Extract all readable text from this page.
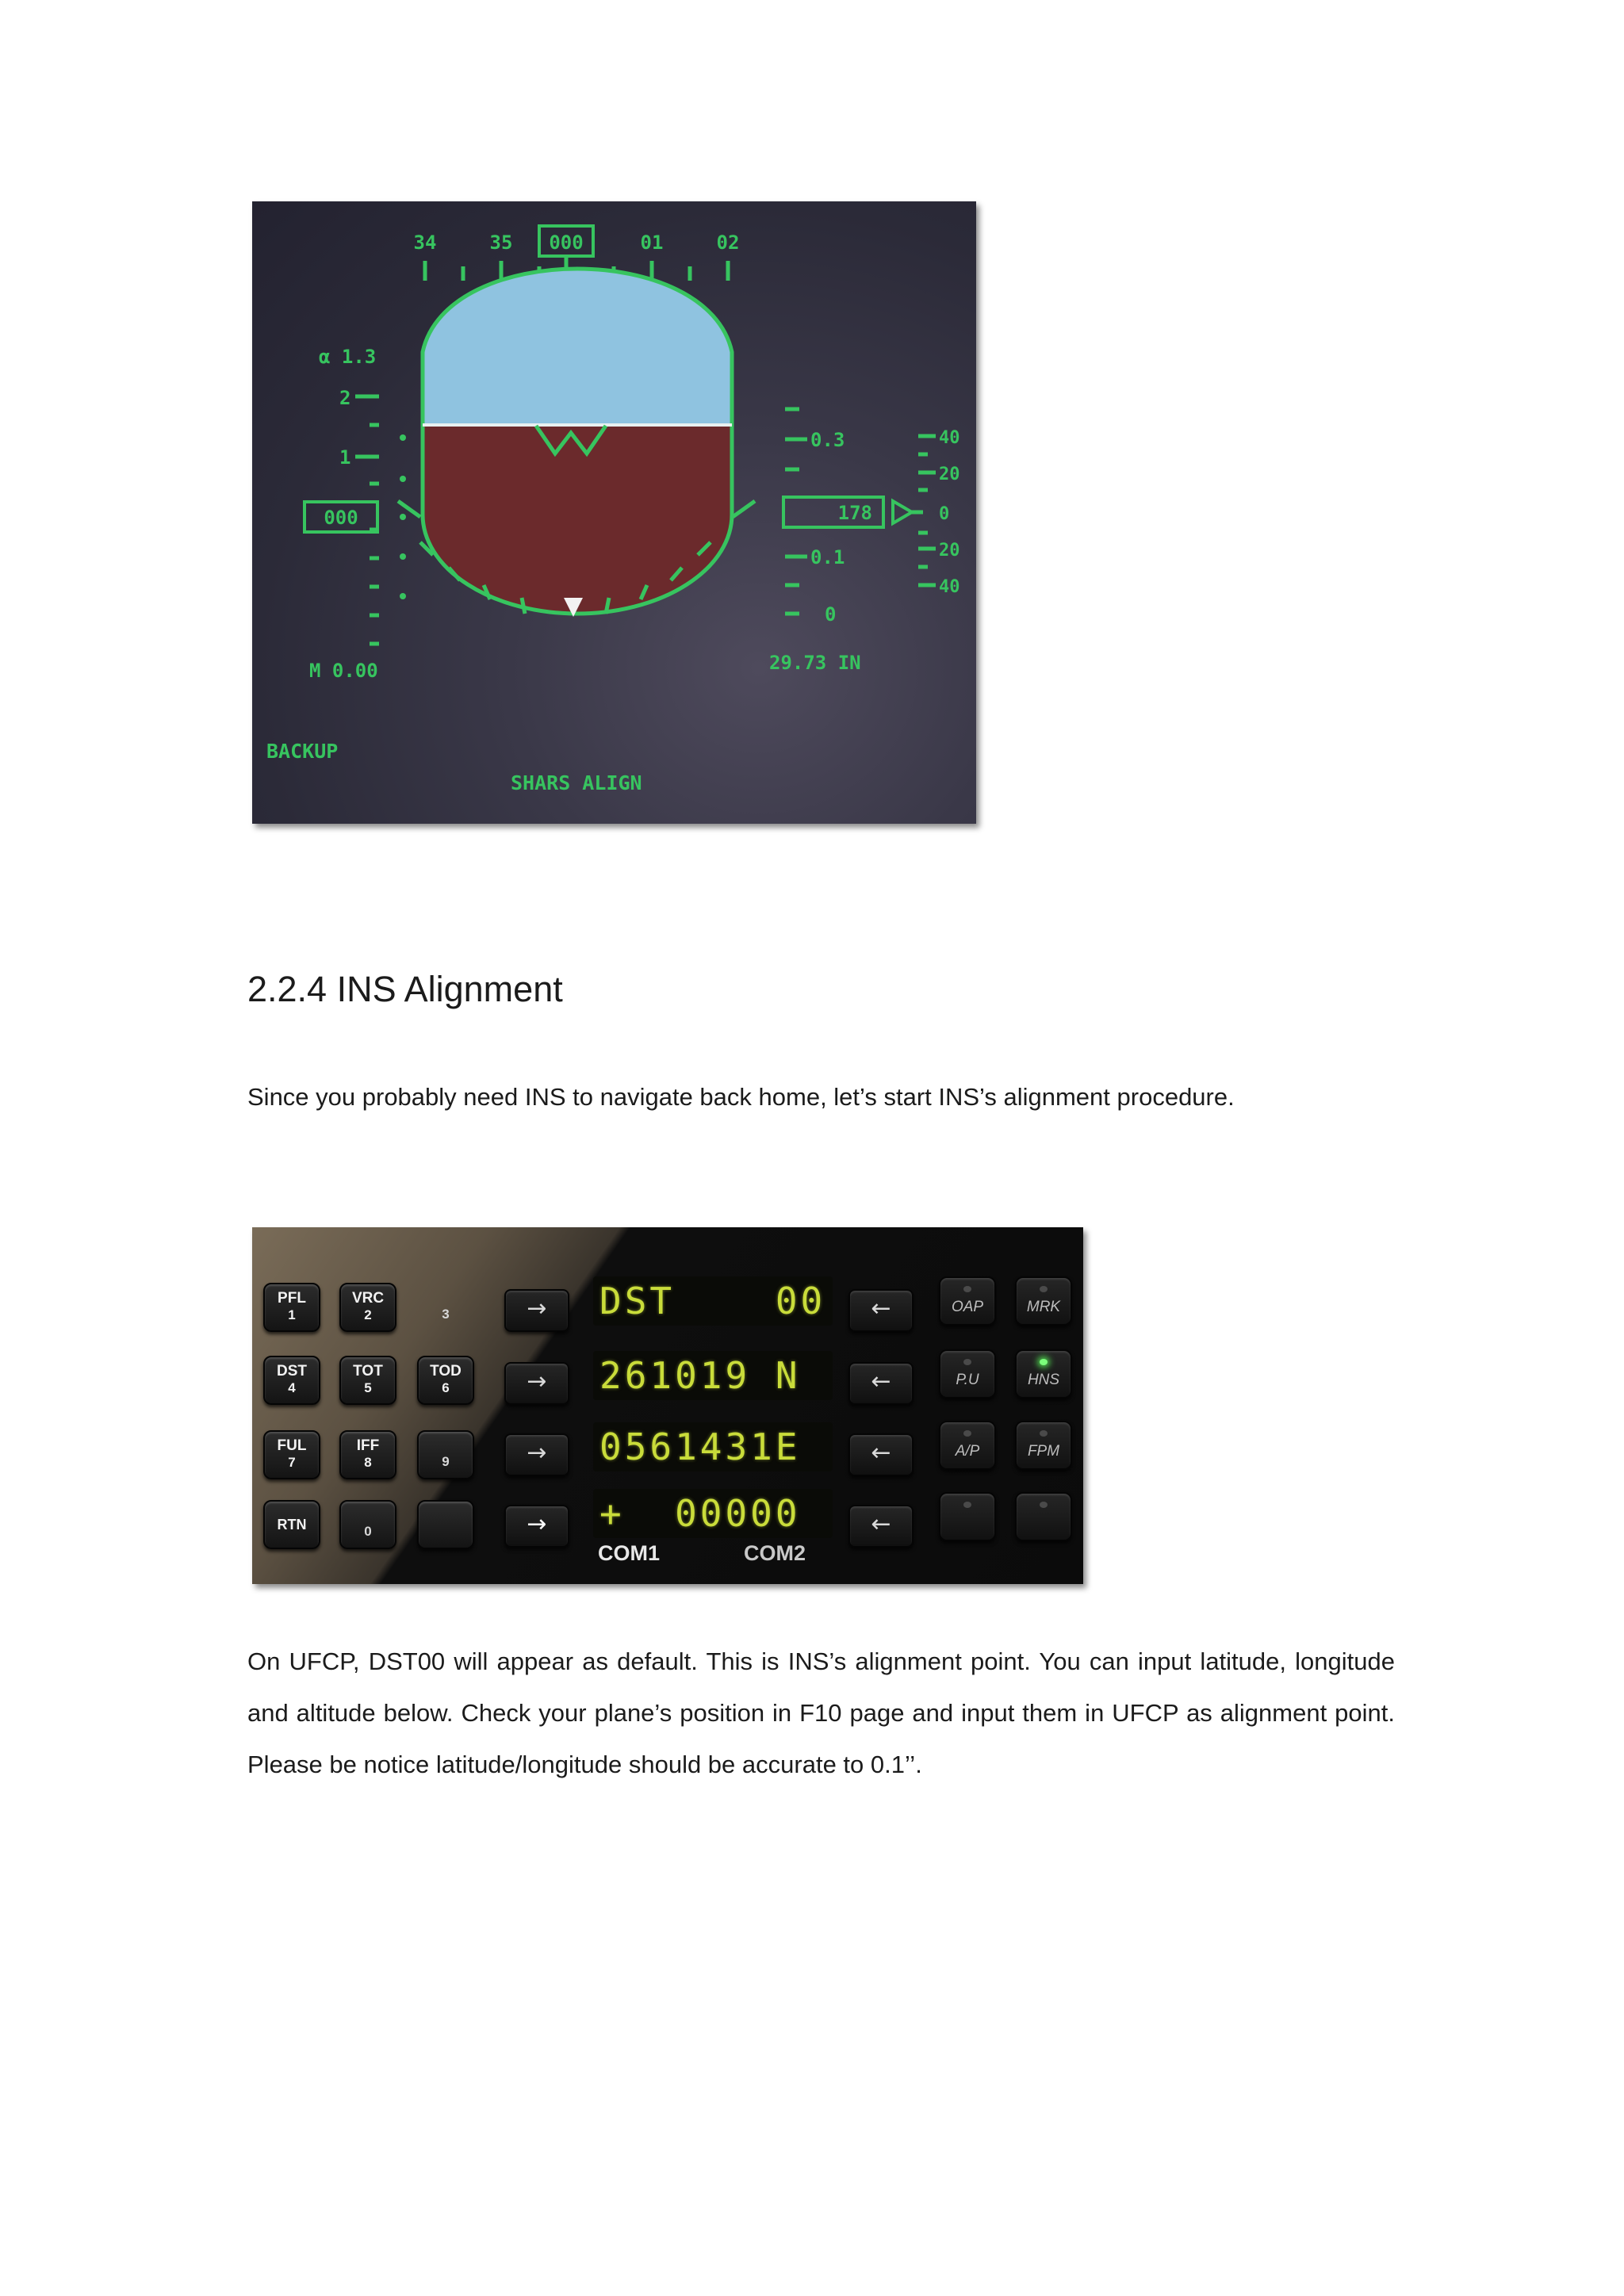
34	35 000	01	02
α 1.3
2
1
000
M 0.00
0.3
0.1
0
178
29.73 IN
40
20
0
20
40
BACKUP
SHARS ALIGN
2.2.4 INS Alignment
Since you probably need INS to navigate back home, let’s start INS’s alignment procedure.
PFL
1
VRC
2	3
DST
4
TOT
5
TOD
6
FUL
7
IFF
8	9
RTN	0
→
→
→
→
DST    00
261019 N
0561431E
+  00000
←
←
←
←
OAP	MRK
P.U	HNS
A/P	FPM
COM1	COM2
On UFCP, DST00 will appear as default. This is INS’s alignment point. You can input latitude, longitude and altitude below. Check your plane’s position in F10 page and input them in UFCP as alignment point. Please be notice latitude/longitude should be accurate to 0.1’’.
